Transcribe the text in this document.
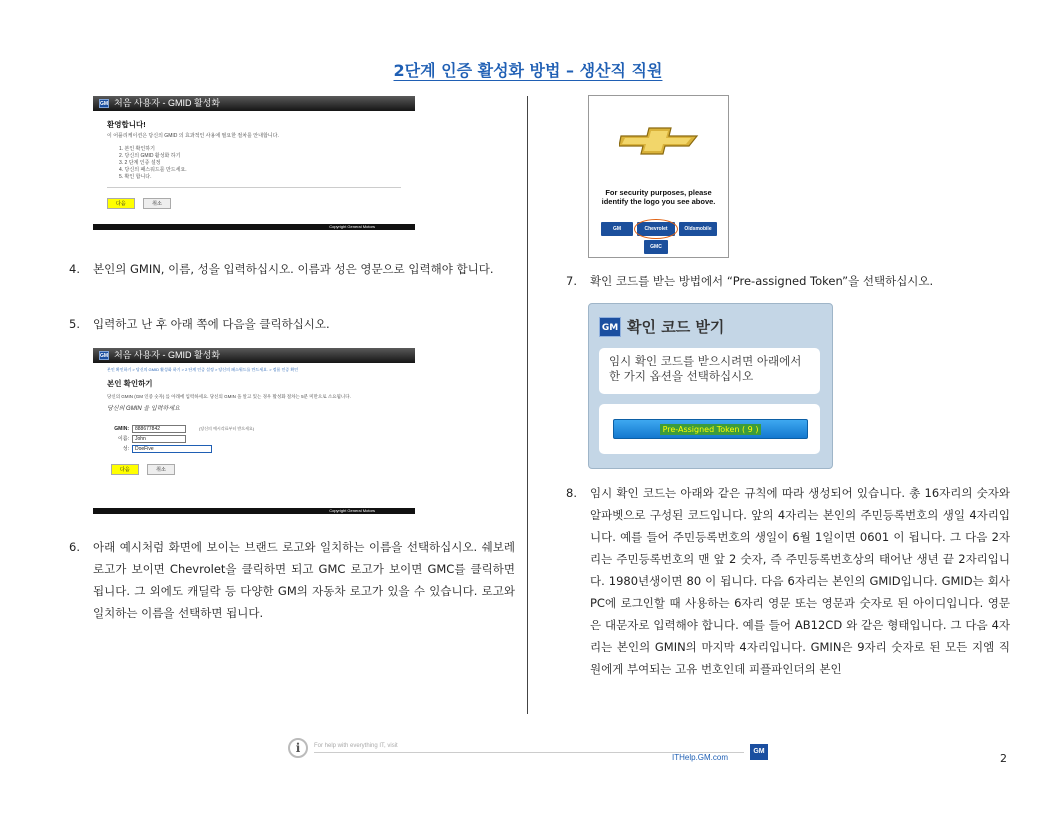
2단계 인증 활성화 방법 – 생산직 직원
GM 처음 사용자 - GMID 활성화
환영합니다!
이 어플리케이션은 당신의 GMID 의 효과적인 사용에 필요한 절차를 안내합니다.
1. 본인 확인하기
2. 당신의 GMID 활성화 하기
3. 2 단계 인증 설정
4. 당신의 패스워드를 만드세요.
5. 확인 합니다.
다음	취소
Copyright General Motors
4. 본인의 GMIN, 이름, 성을 입력하십시오. 이름과 성은 영문으로 입력해야 합니다.
5. 입력하고 난 후 아래 쪽에 다음을 클릭하십시오.
GM 처음 사용자 - GMID 활성화
본인 확인하기 > 당신의 GMID 활성화 하기 > 2 단계 인증 설정 > 당신의 패스워드를 만드세요. > 정품 인증 확인
본인 확인하기
당신의 GMIN (GM 인증 숫자) 를 아래에 입력하세요. 당신의 GMIN 을 알고 있는 경우 활성화 절차는 5분 미만으로 소요됩니다.
당신의 GMIN 을 입력하세요
GMIN:	888677842	(당신의 예시각표부터 받으세요)
이름:	John
성:	DoeFive
다음	취소
Copyright General Motors
6. 아래 예시처럼 화면에 보이는 브랜드 로고와 일치하는 이름을 선택하십시오. 쉐보레 로고가 보이면 Chevrolet을 클릭하면 되고 GMC 로고가 보이면 GMC를 클릭하면 됩니다. 그 외에도 캐딜락 등 다양한 GM의 자동차 로고가 있을 수 있습니다. 로고와 일치하는 이름을 선택하면 됩니다.
For security purposes, please identify the logo you see above.
GM	Chevrolet	Oldsmobile
GMC
7. 확인 코드를 받는 방법에서 “Pre-assigned Token”을 선택하십시오.
GM 확인 코드 받기
임시 확인 코드를 받으시려면 아래에서 한 가지 옵션을 선택하십시오
Pre-Assigned Token ( 9 )
8. 임시 확인 코드는 아래와 같은 규칙에 따라 생성되어 있습니다. 총 16자리의 숫자와 알파벳으로 구성된 코드입니다. 앞의 4자리는 본인의 주민등록번호의 생일 4자리입니다. 예를 들어 주민등록번호의 생일이 6월 1일이면 0601 이 됩니다. 그 다음 2자리는 주민등록번호의 맨 앞 2 숫자, 즉 주민등록번호상의 태어난 생년 끝 2자리입니다. 1980년생이면 80 이 됩니다. 다음 6자리는 본인의 GMID입니다. GMID는 회사 PC에 로그인할 때 사용하는 6자리 영문 또는 영문과 숫자로 된 아이디입니다. 영문은 대문자로 입력해야 합니다. 예를 들어 AB12CD 와 같은 형태입니다. 그 다음 4자리는 본인의 GMIN의 마지막 4자리입니다. GMIN은 9자리 숫자로 된 모든 지엠 직원에게 부여되는 고유 번호인데 피플파인더의 본인
i	For help with everything IT, visit
ITHelp.GM.com
GM
2
